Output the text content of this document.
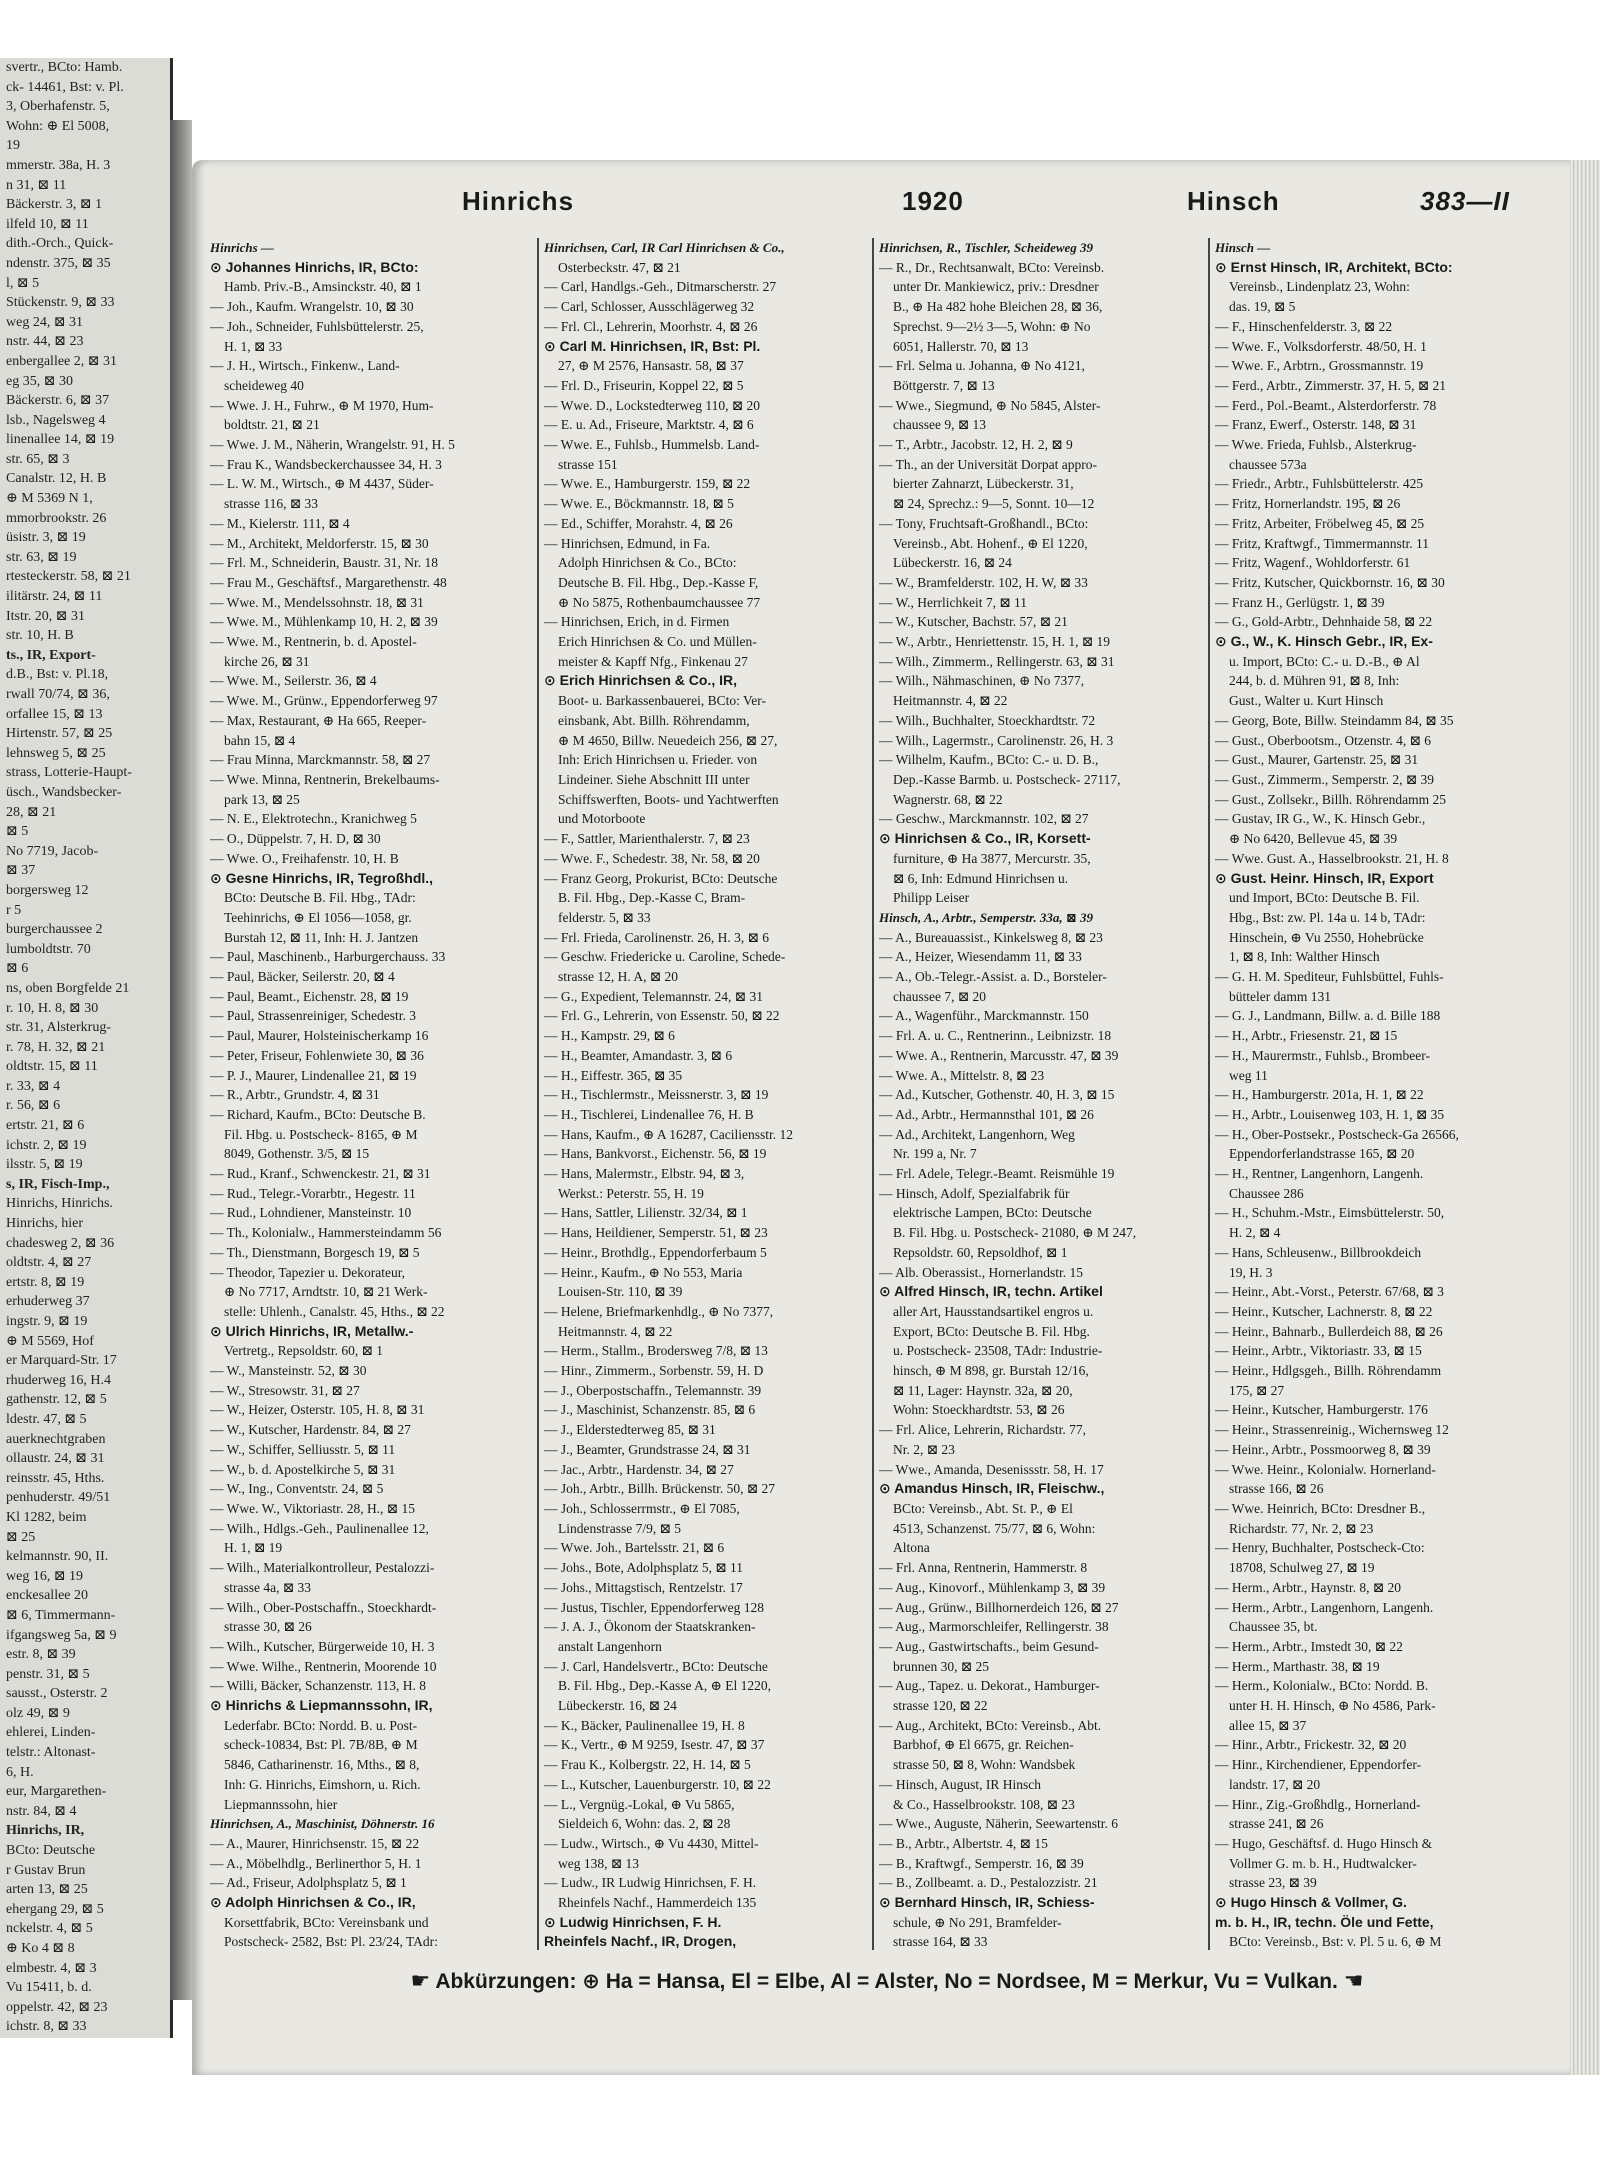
svertr., BCto: Hamb.
ck- 14461, Bst: v. Pl.
3, Oberhafenstr. 5,
Wohn: ⊕ El 5008,
19
mmerstr. 38a, H. 3
n 31, ⊠ 11
Bäckerstr. 3, ⊠ 1
ilfeld 10, ⊠ 11
dith.-Orch., Quick-
ndenstr. 375, ⊠ 35
l, ⊠ 5
Stückenstr. 9, ⊠ 33
weg 24, ⊠ 31
nstr. 44, ⊠ 23
enbergallee 2, ⊠ 31
eg 35, ⊠ 30
Bäckerstr. 6, ⊠ 37
lsb., Nagelsweg 4
linenallee 14, ⊠ 19
str. 65, ⊠ 3
Canalstr. 12, H. B
⊕ M 5369 N 1,
mmorbrookstr. 26
üsistr. 3, ⊠ 19
str. 63, ⊠ 19
rtesteckerstr. 58, ⊠ 21
ilitärstr. 24, ⊠ 11
Itstr. 20, ⊠ 31
str. 10, H. B
ts., IR, Export-
d.B., Bst: v. Pl.18,
rwall 70/74, ⊠ 36,
orfallee 15, ⊠ 13
Hirtenstr. 57, ⊠ 25
lehnsweg 5, ⊠ 25
strass, Lotterie-Haupt-
üsch., Wandsbecker-
28, ⊠ 21
⊠ 5
No 7719, Jacob-
⊠ 37
borgersweg 12
r 5
burgerchaussee 2
lumboldtstr. 70
⊠ 6
ns, oben Borgfelde 21
r. 10, H. 8, ⊠ 30
str. 31, Alsterkrug-
r. 78, H. 32, ⊠ 21
oldtstr. 15, ⊠ 11
r. 33, ⊠ 4
r. 56, ⊠ 6
ertstr. 21, ⊠ 6
ichstr. 2, ⊠ 19
ilsstr. 5, ⊠ 19
s, IR, Fisch-Imp.,
Hinrichs, Hinrichs.
Hinrichs, hier
chadesweg 2, ⊠ 36
oldtstr. 4, ⊠ 27
ertstr. 8, ⊠ 19
erhuderweg 37
ingstr. 9, ⊠ 19
⊕ M 5569, Hof
er Marquard-Str. 17
rhuderweg 16, H.4
gathenstr. 12, ⊠ 5
ldestr. 47, ⊠ 5
auerknechtgraben
ollaustr. 24, ⊠ 31
reinsstr. 45, Hths.
penhuderstr. 49/51
Kl 1282, beim
⊠ 25
kelmannstr. 90, II.
weg 16, ⊠ 19
enckesallee 20
⊠ 6, Timmermann-
ifgangsweg 5a, ⊠ 9
estr. 8, ⊠ 39
penstr. 31, ⊠ 5
sausst., Osterstr. 2
olz 49, ⊠ 9
ehlerei, Linden-
telstr.: Altonast-
6, H.
eur, Margarethen-
nstr. 84, ⊠ 4
Hinrichs, IR,
BCto: Deutsche
r Gustav Brun
arten 13, ⊠ 25
ehergang 29, ⊠ 5
nckelstr. 4, ⊠ 5
⊕ Ko 4 ⊠ 8
elmbestr. 4, ⊠ 3
Vu 15411, b. d.
oppelstr. 42, ⊠ 23
ichstr. 8, ⊠ 33
Hinrichs	1920	Hinsch	383—II
Hinrichs —
⊙ Johannes Hinrichs, IR, BCto:
Hamb. Priv.-B., Amsinckstr. 40, ⊠ 1
— Joh., Kaufm. Wrangelstr. 10, ⊠ 30
— Joh., Schneider, Fuhlsbüttelerstr. 25,
H. 1, ⊠ 33
— J. H., Wirtsch., Finkenw., Land-
scheideweg 40
— Wwe. J. H., Fuhrw., ⊕ M 1970, Hum-
boldtstr. 21, ⊠ 21
— Wwe. J. M., Näherin, Wrangelstr. 91, H. 5
— Frau K., Wandsbeckerchaussee 34, H. 3
— L. W. M., Wirtsch., ⊕ M 4437, Süder-
strasse 116, ⊠ 33
— M., Kielerstr. 111, ⊠ 4
— M., Architekt, Meldorferstr. 15, ⊠ 30
— Frl. M., Schneiderin, Baustr. 31, Nr. 18
— Frau M., Geschäftsf., Margarethenstr. 48
— Wwe. M., Mendelssohnstr. 18, ⊠ 31
— Wwe. M., Mühlenkamp 10, H. 2, ⊠ 39
— Wwe. M., Rentnerin, b. d. Apostel-
kirche 26, ⊠ 31
— Wwe. M., Seilerstr. 36, ⊠ 4
— Wwe. M., Grünw., Eppendorferweg 97
— Max, Restaurant, ⊕ Ha 665, Reeper-
bahn 15, ⊠ 4
— Frau Minna, Marckmannstr. 58, ⊠ 27
— Wwe. Minna, Rentnerin, Brekelbaums-
park 13, ⊠ 25
— N. E., Elektrotechn., Kranichweg 5
— O., Düppelstr. 7, H. D, ⊠ 30
— Wwe. O., Freihafenstr. 10, H. B
⊙ Gesne Hinrichs, IR, Tegroßhdl.,
BCto: Deutsche B. Fil. Hbg., TAdr:
Teehinrichs, ⊕ El 1056—1058, gr.
Burstah 12, ⊠ 11, Inh: H. J. Jantzen
— Paul, Maschinenb., Harburgerchauss. 33
— Paul, Bäcker, Seilerstr. 20, ⊠ 4
— Paul, Beamt., Eichenstr. 28, ⊠ 19
— Paul, Strassenreiniger, Schedestr. 3
— Paul, Maurer, Holsteinischerkamp 16
— Peter, Friseur, Fohlenwiete 30, ⊠ 36
— P. J., Maurer, Lindenallee 21, ⊠ 19
— R., Arbtr., Grundstr. 4, ⊠ 31
— Richard, Kaufm., BCto: Deutsche B.
Fil. Hbg. u. Postscheck- 8165, ⊕ M
8049, Gothenstr. 3/5, ⊠ 15
— Rud., Kranf., Schwenckestr. 21, ⊠ 31
— Rud., Telegr.-Vorarbtr., Hegestr. 11
— Rud., Lohndiener, Mansteinstr. 10
— Th., Kolonialw., Hammersteindamm 56
— Th., Dienstmann, Borgesch 19, ⊠ 5
— Theodor, Tapezier u. Dekorateur,
⊕ No 7717, Arndtstr. 10, ⊠ 21 Werk-
stelle: Uhlenh., Canalstr. 45, Hths., ⊠ 22
⊙ Ulrich Hinrichs, IR, Metallw.-
Vertretg., Repsoldstr. 60, ⊠ 1
— W., Mansteinstr. 52, ⊠ 30
— W., Stresowstr. 31, ⊠ 27
— W., Heizer, Osterstr. 105, H. 8, ⊠ 31
— W., Kutscher, Hardenstr. 84, ⊠ 27
— W., Schiffer, Selliusstr. 5, ⊠ 11
— W., b. d. Apostelkirche 5, ⊠ 31
— W., Ing., Conventstr. 24, ⊠ 5
— Wwe. W., Viktoriastr. 28, H., ⊠ 15
— Wilh., Hdlgs.-Geh., Paulinenallee 12,
H. 1, ⊠ 19
— Wilh., Materialkontrolleur, Pestalozzi-
strasse 4a, ⊠ 33
— Wilh., Ober-Postschaffn., Stoeckhardt-
strasse 30, ⊠ 26
— Wilh., Kutscher, Bürgerweide 10, H. 3
— Wwe. Wilhe., Rentnerin, Moorende 10
— Willi, Bäcker, Schanzenstr. 113, H. 8
⊙ Hinrichs & Liepmannssohn, IR,
Lederfabr. BCto: Nordd. B. u. Post-
scheck-10834, Bst: Pl. 7B/8B, ⊕ M
5846, Catharinenstr. 16, Mths., ⊠ 8,
Inh: G. Hinrichs, Eimshorn, u. Rich.
Liepmannssohn, hier
Hinrichsen, A., Maschinist, Döhnerstr. 16
— A., Maurer, Hinrichsenstr. 15, ⊠ 22
— A., Möbelhdlg., Berlinerthor 5, H. 1
— Ad., Friseur, Adolphsplatz 5, ⊠ 1
⊙ Adolph Hinrichsen & Co., IR,
Korsettfabrik, BCto: Vereinsbank und
Postscheck- 2582, Bst: Pl. 23/24, TAdr:
Hinrichsen, Carl, IR Carl Hinrichsen & Co.,
Osterbeckstr. 47, ⊠ 21
— Carl, Handlgs.-Geh., Ditmarscherstr. 27
— Carl, Schlosser, Ausschlägerweg 32
— Frl. Cl., Lehrerin, Moorhstr. 4, ⊠ 26
⊙ Carl M. Hinrichsen, IR, Bst: Pl.
27, ⊕ M 2576, Hansastr. 58, ⊠ 37
— Frl. D., Friseurin, Koppel 22, ⊠ 5
— Wwe. D., Lockstedterweg 110, ⊠ 20
— E. u. Ad., Friseure, Marktstr. 4, ⊠ 6
— Wwe. E., Fuhlsb., Hummelsb. Land-
strasse 151
— Wwe. E., Hamburgerstr. 159, ⊠ 22
— Wwe. E., Böckmannstr. 18, ⊠ 5
— Ed., Schiffer, Morahstr. 4, ⊠ 26
— Hinrichsen, Edmund, in Fa.
Adolph Hinrichsen & Co., BCto:
Deutsche B. Fil. Hbg., Dep.-Kasse F,
⊕ No 5875, Rothenbaumchaussee 77
— Hinrichsen, Erich, in d. Firmen
Erich Hinrichsen & Co. und Müllen-
meister & Kapff Nfg., Finkenau 27
⊙ Erich Hinrichsen & Co., IR,
Boot- u. Barkassenbauerei, BCto: Ver-
einsbank, Abt. Billh. Röhrendamm,
⊕ M 4650, Billw. Neuedeich 256, ⊠ 27,
Inh: Erich Hinrichsen u. Frieder. von
Lindeiner. Siehe Abschnitt III unter
Schiffswerften, Boots- und Yachtwerften
und Motorboote
— F., Sattler, Marienthalerstr. 7, ⊠ 23
— Wwe. F., Schedestr. 38, Nr. 58, ⊠ 20
— Franz Georg, Prokurist, BCto: Deutsche
B. Fil. Hbg., Dep.-Kasse C, Bram-
felderstr. 5, ⊠ 33
— Frl. Frieda, Carolinenstr. 26, H. 3, ⊠ 6
— Geschw. Friedericke u. Caroline, Schede-
strasse 12, H. A, ⊠ 20
— G., Expedient, Telemannstr. 24, ⊠ 31
— Frl. G., Lehrerin, von Essenstr. 50, ⊠ 22
— H., Kampstr. 29, ⊠ 6
— H., Beamter, Amandastr. 3, ⊠ 6
— H., Eiffestr. 365, ⊠ 35
— H., Tischlermstr., Meissnerstr. 3, ⊠ 19
— H., Tischlerei, Lindenallee 76, H. B
— Hans, Kaufm., ⊕ A 16287, Caciliensstr. 12
— Hans, Bankvorst., Eichenstr. 56, ⊠ 19
— Hans, Malermstr., Elbstr. 94, ⊠ 3,
Werkst.: Peterstr. 55, H. 19
— Hans, Sattler, Lilienstr. 32/34, ⊠ 1
— Hans, Heildiener, Semperstr. 51, ⊠ 23
— Heinr., Brothdlg., Eppendorferbaum 5
— Heinr., Kaufm., ⊕ No 553, Maria
Louisen-Str. 110, ⊠ 39
— Helene, Briefmarkenhdlg., ⊕ No 7377,
Heitmannstr. 4, ⊠ 22
— Herm., Stallm., Brodersweg 7/8, ⊠ 13
— Hinr., Zimmerm., Sorbenstr. 59, H. D
— J., Oberpostschaffn., Telemannstr. 39
— J., Maschinist, Schanzenstr. 85, ⊠ 6
— J., Elderstedterweg 85, ⊠ 31
— J., Beamter, Grundstrasse 24, ⊠ 31
— Jac., Arbtr., Hardenstr. 34, ⊠ 27
— Joh., Arbtr., Billh. Brückenstr. 50, ⊠ 27
— Joh., Schlosserrmstr., ⊕ El 7085,
Lindenstrasse 7/9, ⊠ 5
— Wwe. Joh., Bartelsstr. 21, ⊠ 6
— Johs., Bote, Adolphsplatz 5, ⊠ 11
— Johs., Mittagstisch, Rentzelstr. 17
— Justus, Tischler, Eppendorferweg 128
— J. A. J., Ökonom der Staatskranken-
anstalt Langenhorn
— J. Carl, Handelsvertr., BCto: Deutsche
B. Fil. Hbg., Dep.-Kasse A, ⊕ El 1220,
Lübeckerstr. 16, ⊠ 24
— K., Bäcker, Paulinenallee 19, H. 8
— K., Vertr., ⊕ M 9259, Isestr. 47, ⊠ 37
— Frau K., Kolbergstr. 22, H. 14, ⊠ 5
— L., Kutscher, Lauenburgerstr. 10, ⊠ 22
— L., Vergnüg.-Lokal, ⊕ Vu 5865,
Sieldeich 6, Wohn: das. 2, ⊠ 28
— Ludw., Wirtsch., ⊕ Vu 4430, Mittel-
weg 138, ⊠ 13
— Ludw., IR Ludwig Hinrichsen, F. H.
Rheinfels Nachf., Hammerdeich 135
⊙ Ludwig Hinrichsen, F. H.
Rheinfels Nachf., IR, Drogen,
Hinrichsen, R., Tischler, Scheideweg 39
— R., Dr., Rechtsanwalt, BCto: Vereinsb.
unter Dr. Mankiewicz, priv.: Dresdner
B., ⊕ Ha 482 hohe Bleichen 28, ⊠ 36,
Sprechst. 9—2½ 3—5, Wohn: ⊕ No
6051, Hallerstr. 70, ⊠ 13
— Frl. Selma u. Johanna, ⊕ No 4121,
Böttgerstr. 7, ⊠ 13
— Wwe., Siegmund, ⊕ No 5845, Alster-
chaussee 9, ⊠ 13
— T., Arbtr., Jacobstr. 12, H. 2, ⊠ 9
— Th., an der Universität Dorpat appro-
bierter Zahnarzt, Lübeckerstr. 31,
⊠ 24, Sprechz.: 9—5, Sonnt. 10—12
— Tony, Fruchtsaft-Großhandl., BCto:
Vereinsb., Abt. Hohenf., ⊕ El 1220,
Lübeckerstr. 16, ⊠ 24
— W., Bramfelderstr. 102, H. W, ⊠ 33
— W., Herrlichkeit 7, ⊠ 11
— W., Kutscher, Bachstr. 57, ⊠ 21
— W., Arbtr., Henriettenstr. 15, H. 1, ⊠ 19
— Wilh., Zimmerm., Rellingerstr. 63, ⊠ 31
— Wilh., Nähmaschinen, ⊕ No 7377,
Heitmannstr. 4, ⊠ 22
— Wilh., Buchhalter, Stoeckhardtstr. 72
— Wilh., Lagermstr., Carolinenstr. 26, H. 3
— Wilhelm, Kaufm., BCto: C.- u. D. B.,
Dep.-Kasse Barmb. u. Postscheck- 27117,
Wagnerstr. 68, ⊠ 22
— Geschw., Marckmannstr. 102, ⊠ 27
⊙ Hinrichsen & Co., IR, Korsett-
furniture, ⊕ Ha 3877, Mercurstr. 35,
⊠ 6, Inh: Edmund Hinrichsen u.
Philipp Leiser
Hinsch, A., Arbtr., Semperstr. 33a, ⊠ 39
— A., Bureauassist., Kinkelsweg 8, ⊠ 23
— A., Heizer, Wiesendamm 11, ⊠ 33
— A., Ob.-Telegr.-Assist. a. D., Borsteler-
chaussee 7, ⊠ 20
— A., Wagenführ., Marckmannstr. 150
— Frl. A. u. C., Rentnerinn., Leibnizstr. 18
— Wwe. A., Rentnerin, Marcusstr. 47, ⊠ 39
— Wwe. A., Mittelstr. 8, ⊠ 23
— Ad., Kutscher, Gothenstr. 40, H. 3, ⊠ 15
— Ad., Arbtr., Hermannsthal 101, ⊠ 26
— Ad., Architekt, Langenhorn, Weg
Nr. 199 a, Nr. 7
— Frl. Adele, Telegr.-Beamt. Reismühle 19
— Hinsch, Adolf, Spezialfabrik für
elektrische Lampen, BCto: Deutsche
B. Fil. Hbg. u. Postscheck- 21080, ⊕ M 247,
Repsoldstr. 60, Repsoldhof, ⊠ 1
— Alb. Oberassist., Hornerlandstr. 15
⊙ Alfred Hinsch, IR, techn. Artikel
aller Art, Hausstandsartikel engros u.
Export, BCto: Deutsche B. Fil. Hbg.
u. Postscheck- 23508, TAdr: Industrie-
hinsch, ⊕ M 898, gr. Burstah 12/16,
⊠ 11, Lager: Haynstr. 32a, ⊠ 20,
Wohn: Stoeckhardtstr. 53, ⊠ 26
— Frl. Alice, Lehrerin, Richardstr. 77,
Nr. 2, ⊠ 23
— Wwe., Amanda, Desenissstr. 58, H. 17
⊙ Amandus Hinsch, IR, Fleischw.,
BCto: Vereinsb., Abt. St. P., ⊕ El
4513, Schanzenst. 75/77, ⊠ 6, Wohn:
Altona
— Frl. Anna, Rentnerin, Hammerstr. 8
— Aug., Kinovorf., Mühlenkamp 3, ⊠ 39
— Aug., Grünw., Billhornerdeich 126, ⊠ 27
— Aug., Marmorschleifer, Rellingerstr. 38
— Aug., Gastwirtschafts., beim Gesund-
brunnen 30, ⊠ 25
— Aug., Tapez. u. Dekorat., Hamburger-
strasse 120, ⊠ 22
— Aug., Architekt, BCto: Vereinsb., Abt.
Barbhof, ⊕ El 6675, gr. Reichen-
strasse 50, ⊠ 8, Wohn: Wandsbek
— Hinsch, August, IR Hinsch
& Co., Hasselbrookstr. 108, ⊠ 23
— Wwe., Auguste, Näherin, Seewartenstr. 6
— B., Arbtr., Albertstr. 4, ⊠ 15
— B., Kraftwgf., Semperstr. 16, ⊠ 39
— B., Zollbeamt. a. D., Pestalozzistr. 21
⊙ Bernhard Hinsch, IR, Schiess-
schule, ⊕ No 291, Bramfelder-
strasse 164, ⊠ 33
Hinsch —
⊙ Ernst Hinsch, IR, Architekt, BCto:
Vereinsb., Lindenplatz 23, Wohn:
das. 19, ⊠ 5
— F., Hinschenfelderstr. 3, ⊠ 22
— Wwe. F., Volksdorferstr. 48/50, H. 1
— Wwe. F., Arbtrn., Grossmannstr. 19
— Ferd., Arbtr., Zimmerstr. 37, H. 5, ⊠ 21
— Ferd., Pol.-Beamt., Alsterdorferstr. 78
— Franz, Ewerf., Osterstr. 148, ⊠ 31
— Wwe. Frieda, Fuhlsb., Alsterkrug-
chaussee 573a
— Friedr., Arbtr., Fuhlsbüttelerstr. 425
— Fritz, Hornerlandstr. 195, ⊠ 26
— Fritz, Arbeiter, Fröbelweg 45, ⊠ 25
— Fritz, Kraftwgf., Timmermannstr. 11
— Fritz, Wagenf., Wohldorferstr. 61
— Fritz, Kutscher, Quickbornstr. 16, ⊠ 30
— Franz H., Gerlügstr. 1, ⊠ 39
— G., Gold-Arbtr., Dehnhaide 58, ⊠ 22
⊙ G., W., K. Hinsch Gebr., IR, Ex-
u. Import, BCto: C.- u. D.-B., ⊕ Al
244, b. d. Mühren 91, ⊠ 8, Inh:
Gust., Walter u. Kurt Hinsch
— Georg, Bote, Billw. Steindamm 84, ⊠ 35
— Gust., Oberbootsm., Otzenstr. 4, ⊠ 6
— Gust., Maurer, Gartenstr. 25, ⊠ 31
— Gust., Zimmerm., Semperstr. 2, ⊠ 39
— Gust., Zollsekr., Billh. Röhrendamm 25
— Gustav, IR G., W., K. Hinsch Gebr.,
⊕ No 6420, Bellevue 45, ⊠ 39
— Wwe. Gust. A., Hasselbrookstr. 21, H. 8
⊙ Gust. Heinr. Hinsch, IR, Export
und Import, BCto: Deutsche B. Fil.
Hbg., Bst: zw. Pl. 14a u. 14 b, TAdr:
Hinschein, ⊕ Vu 2550, Hohebrücke
1, ⊠ 8, Inh: Walther Hinsch
— G. H. M. Spediteur, Fuhlsbüttel, Fuhls-
bütteler damm 131
— G. J., Landmann, Billw. a. d. Bille 188
— H., Arbtr., Friesenstr. 21, ⊠ 15
— H., Maurermstr., Fuhlsb., Brombeer-
weg 11
— H., Hamburgerstr. 201a, H. 1, ⊠ 22
— H., Arbtr., Louisenweg 103, H. 1, ⊠ 35
— H., Ober-Postsekr., Postscheck-Ga 26566,
Eppendorferlandstrasse 165, ⊠ 20
— H., Rentner, Langenhorn, Langenh.
Chaussee 286
— H., Schuhm.-Mstr., Eimsbüttelerstr. 50,
H. 2, ⊠ 4
— Hans, Schleusenw., Billbrookdeich
19, H. 3
— Heinr., Abt.-Vorst., Peterstr. 67/68, ⊠ 3
— Heinr., Kutscher, Lachnerstr. 8, ⊠ 22
— Heinr., Bahnarb., Bullerdeich 88, ⊠ 26
— Heinr., Arbtr., Viktoriastr. 33, ⊠ 15
— Heinr., Hdlgsgeh., Billh. Röhrendamm
175, ⊠ 27
— Heinr., Kutscher, Hamburgerstr. 176
— Heinr., Strassenreinig., Wichernsweg 12
— Heinr., Arbtr., Possmoorweg 8, ⊠ 39
— Wwe. Heinr., Kolonialw. Hornerland-
strasse 166, ⊠ 26
— Wwe. Heinrich, BCto: Dresdner B.,
Richardstr. 77, Nr. 2, ⊠ 23
— Henry, Buchhalter, Postscheck-Cto:
18708, Schulweg 27, ⊠ 19
— Herm., Arbtr., Haynstr. 8, ⊠ 20
— Herm., Arbtr., Langenhorn, Langenh.
Chaussee 35, bt.
— Herm., Arbtr., Imstedt 30, ⊠ 22
— Herm., Marthastr. 38, ⊠ 19
— Herm., Kolonialw., BCto: Nordd. B.
unter H. H. Hinsch, ⊕ No 4586, Park-
allee 15, ⊠ 37
— Hinr., Arbtr., Frickestr. 32, ⊠ 20
— Hinr., Kirchendiener, Eppendorfer-
landstr. 17, ⊠ 20
— Hinr., Zig.-Großhdlg., Hornerland-
strasse 241, ⊠ 26
— Hugo, Geschäftsf. d. Hugo Hinsch &
Vollmer G. m. b. H., Hudtwalcker-
strasse 23, ⊠ 39
⊙ Hugo Hinsch & Vollmer, G.
m. b. H., IR, techn. Öle und Fette,
BCto: Vereinsb., Bst: v. Pl. 5 u. 6, ⊕ M
☛ Abkürzungen: ⊕ Ha = Hansa, El = Elbe, Al = Alster, No = Nordsee, M = Merkur, Vu = Vulkan. ☚
